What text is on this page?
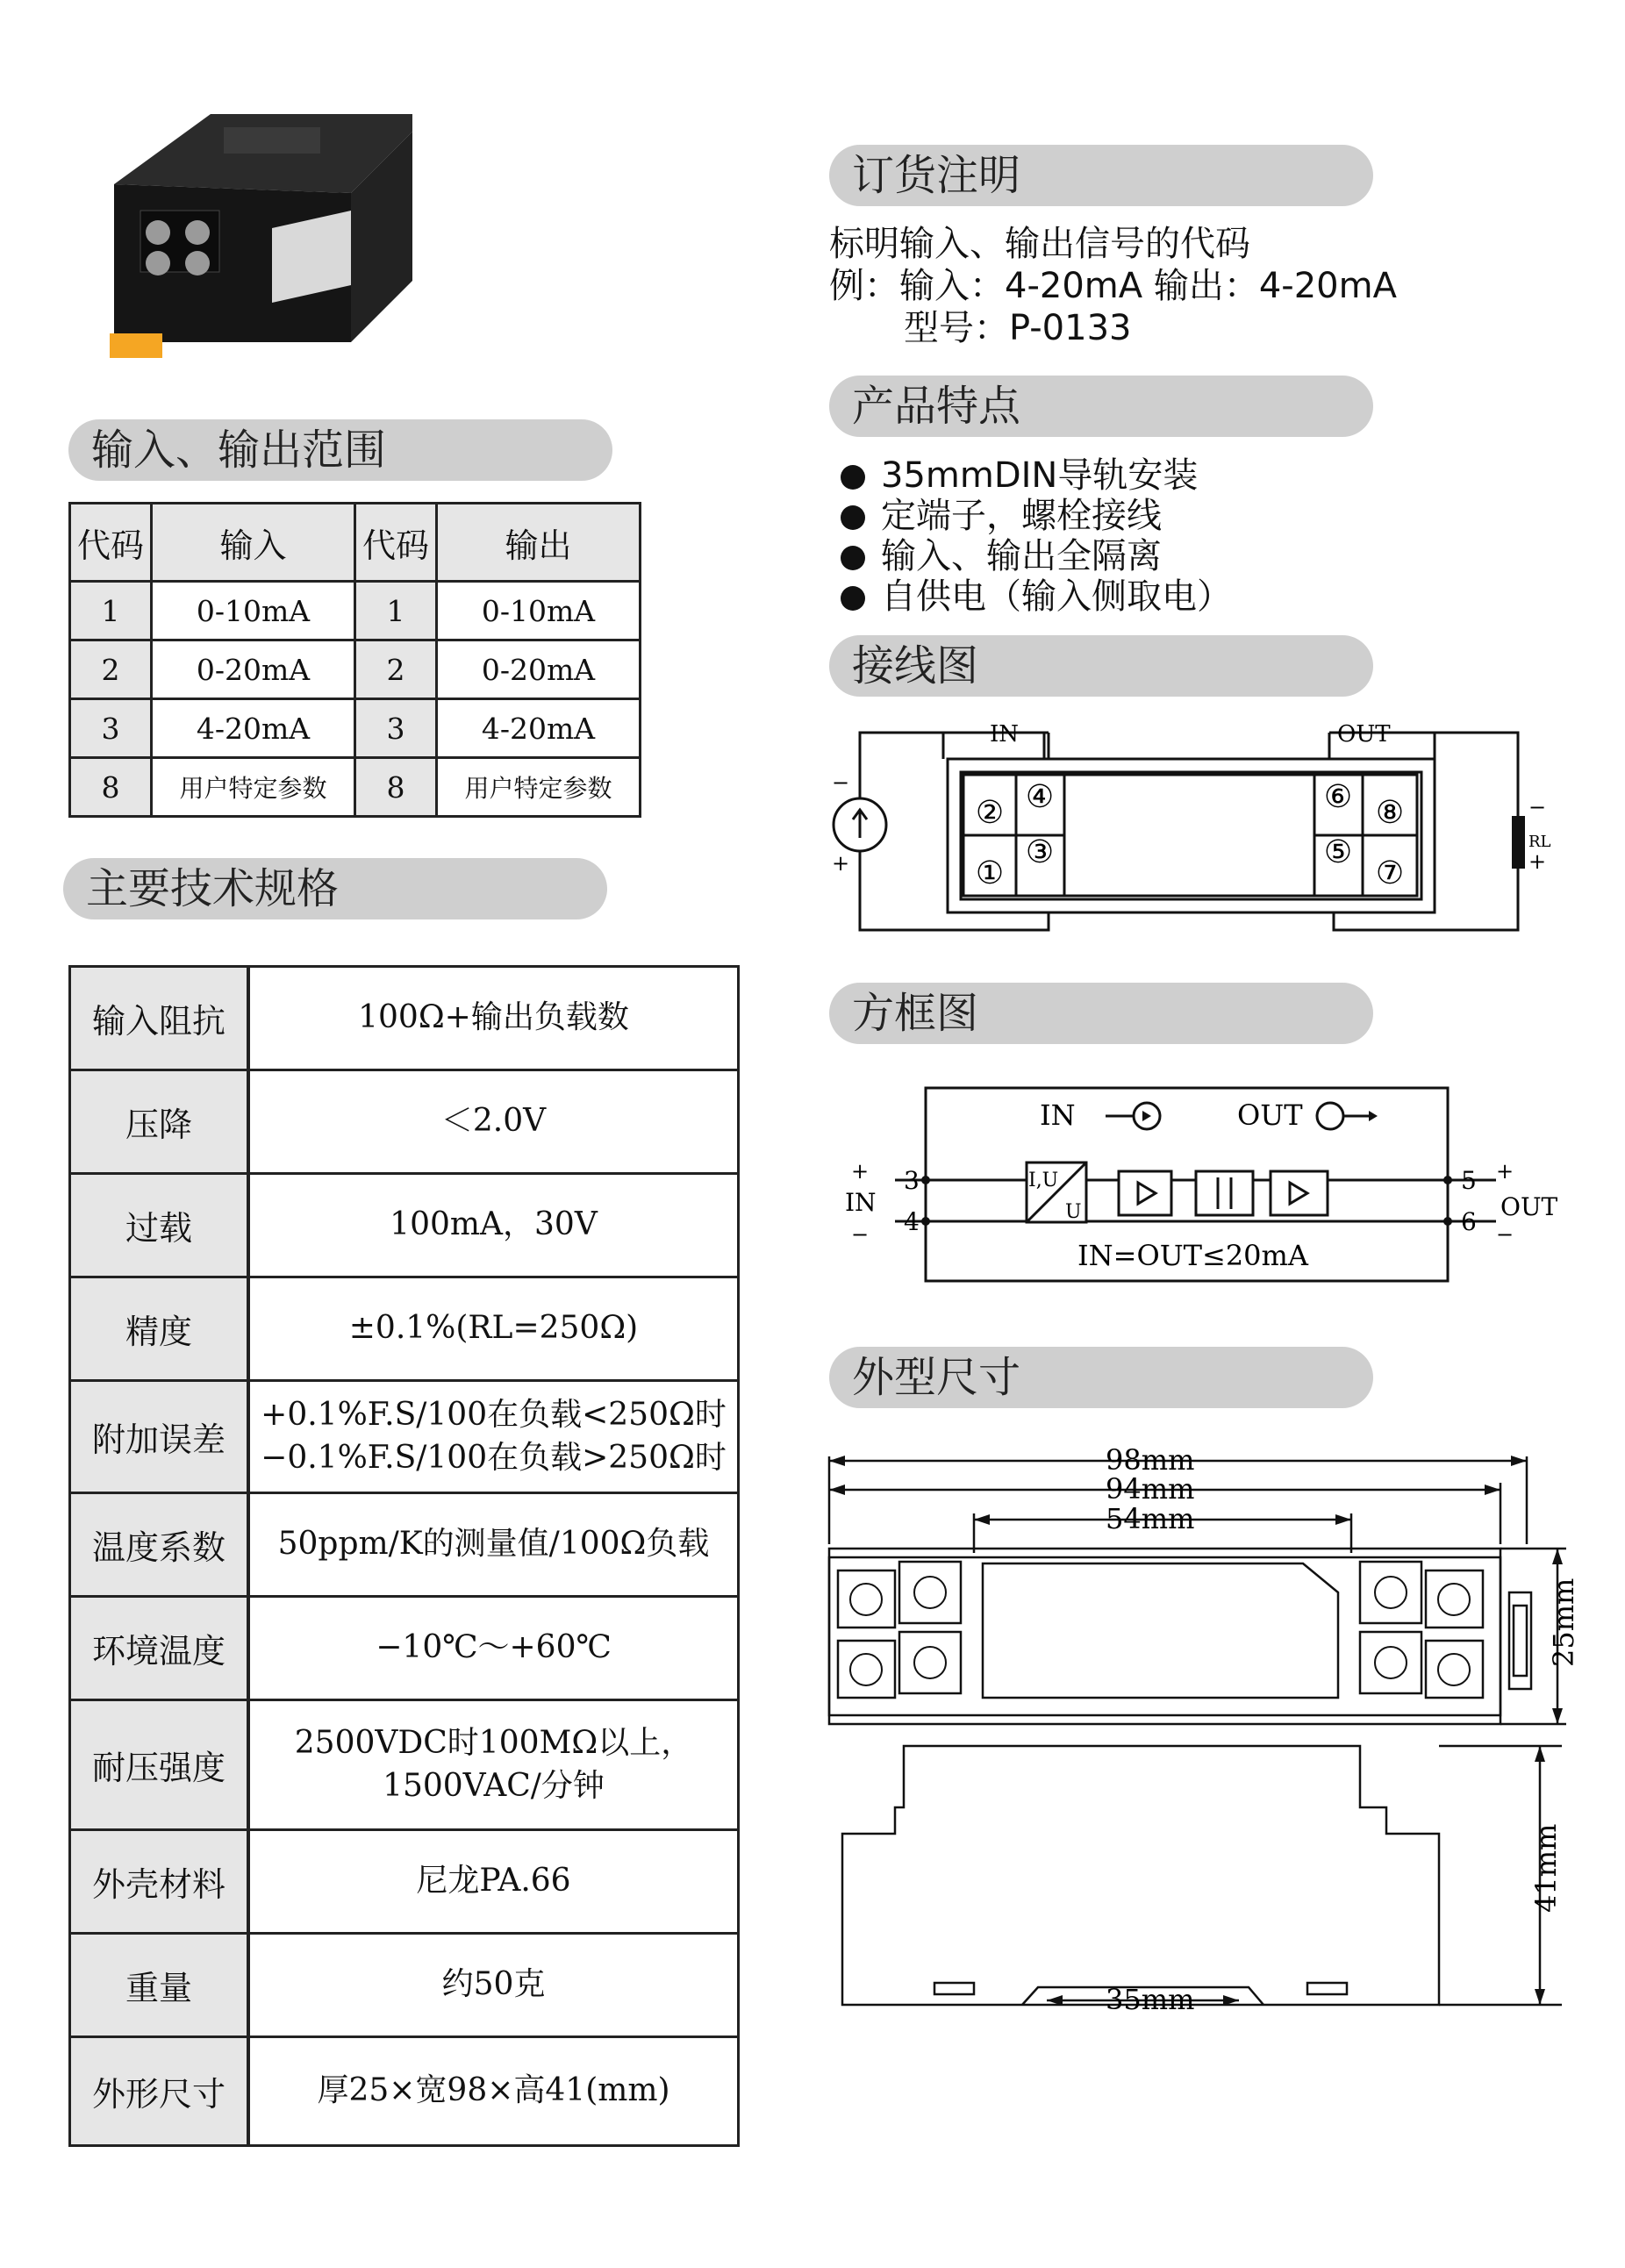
输入、输出范围
代码	输入	代码	输出
1	0-10mA	1	0-10mA
2	0-20mA	2	0-20mA
3	4-20mA	3	4-20mA
8	用户特定参数	8	用户特定参数
主要技术规格
输入阻抗	100Ω+输出负载数

压降	＜2.0V

过载	100mA，30V

精度	±0.1%(RL=250Ω)

附加误差	+0.1%F.S/100在负载<250Ω时
−0.1%F.S/100在负载>250Ω时

温度系数	50ppm/K的测量值/100Ω负载

环境温度	−10℃～+60℃

耐压强度	2500VDC时100MΩ以上，
1500VAC/分钟

外壳材料	尼龙PA.66

重量	约50克

外形尺寸	厚25×宽98×高41(mm)
订货注明
标明输入、输出信号的代码
例：输入：4-20mA 输出：4-20mA
型号：P-0133
产品特点
35mmDIN导轨安装
定端子，螺栓接线
输入、输出全隔离
自供电（输入侧取电）
接线图
IN	OUT
② ④
①
③
⑥ ⑧
⑤
⑦
−
+
−
+
RL
方框图
IN	OUT
IN	OUT
3
4
5
6
+
−
+
−
I,U
U
IN=OUT≤20mA
外型尺寸
98mm
94mm
54mm
25mm
41mm
35mm
